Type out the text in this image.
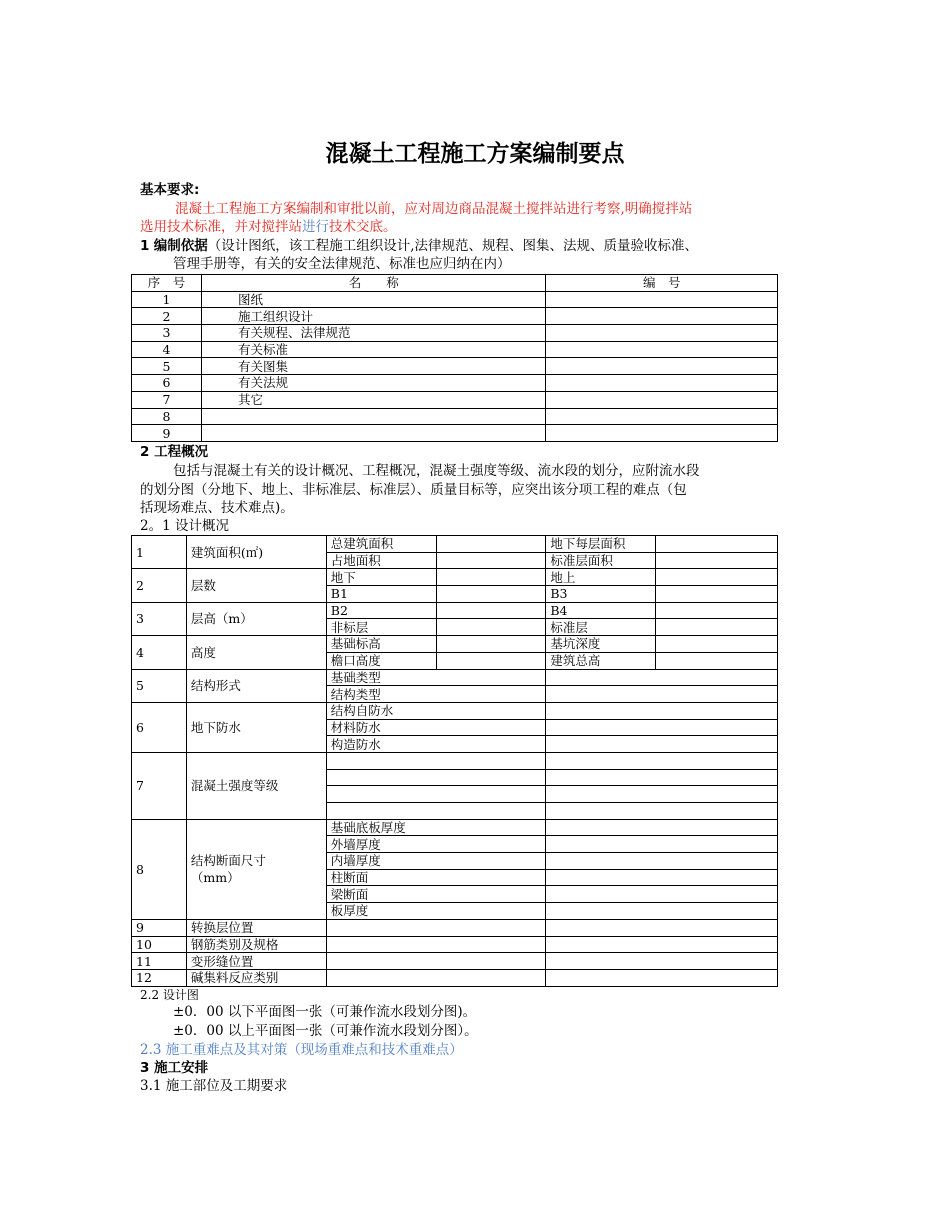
混凝土工程施工方案编制要点
基本要求:
混凝土工程施工方案编制和审批以前，应对周边商品混凝土搅拌站进行考察,明确搅拌站
选用技术标准，并对搅拌站进行技术交底。
1 编制依据（设计图纸，该工程施工组织设计,法律规范、规程、图集、法规、质量验收标准、
管理手册等，有关的安全法律规范、标准也应归纳在内）
序　号	名　　称	编　号
1	图纸	
2	施工组织设计	
3	有关规程、法律规范	
4	有关标准	
5	有关图集	
6	有关法规	
7	其它	
8		
9		
2 工程概况
包括与混凝土有关的设计概况、工程概况，混凝土强度等级、流水段的划分，应附流水段
的划分图（分地下、地上、非标准层、标准层）、质量目标等，应突出该分项工程的难点（包
括现场难点、技术难点)。
2。1 设计概况
1	建筑面积(㎡)	总建筑面积		地下每层面积	
		占地面积		标准层面积	
2	层数	地下		地上	
		B1		B3	
3	层高（m）	B2		B4	
		非标层		标准层	
4	高度	基础标高		基坑深度	
		檐口高度		建筑总高	
5	结构形式	基础类型			
		结构类型			
6	地下防水	结构自防水			
		材料防水			
		构造防水			
7	混凝土强度等级				

8	结构断面尺寸
（mm）	基础底板厚度			
		外墙厚度			
		内墙厚度			
		柱断面			
		梁断面			
		板厚度			
9	转换层位置				
10	钢筋类别及规格				
11	变形缝位置				
12	碱集料反应类别				
2.2 设计图
±0．00 以下平面图一张（可兼作流水段划分图)。
±0．00 以上平面图一张（可兼作流水段划分图）。
2.3 施工重难点及其对策（现场重难点和技术重难点）
3 施工安排
3.1 施工部位及工期要求
